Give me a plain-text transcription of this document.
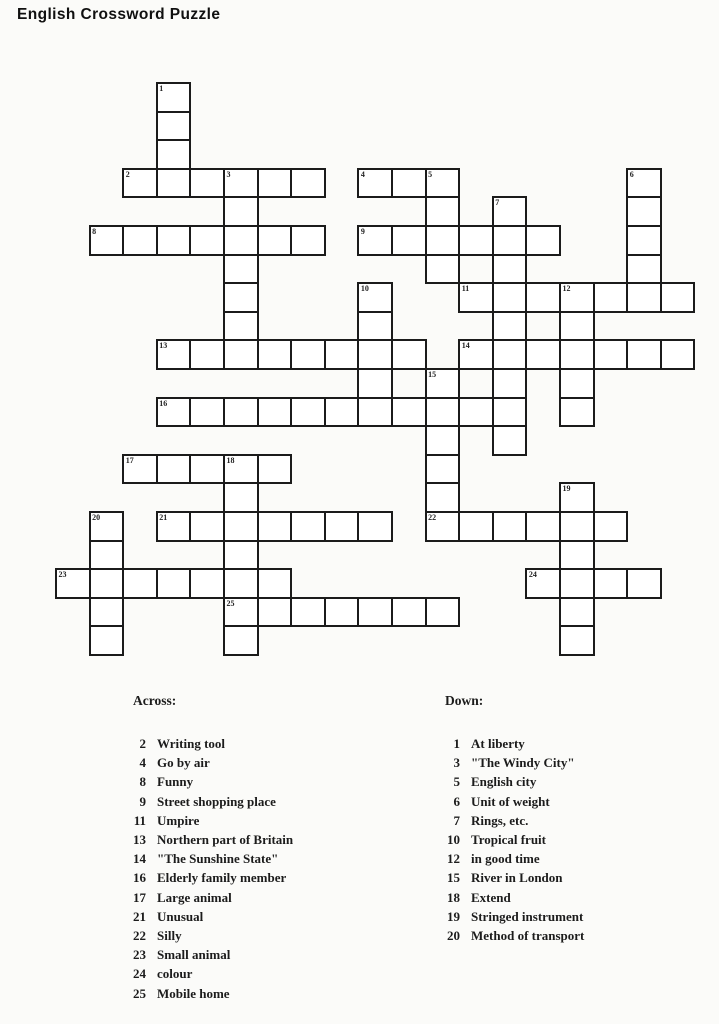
English Crossword Puzzle
1
2	3	4	5	6
7
8	9
10	11	12
13	14
15
22
16
17	18
25
19
20	21
23	24
Across:
2 Writing tool
4 Go by air
8 Funny
9 Street shopping place
11 Umpire
13 Northern part of Britain
14 "The Sunshine State"
16 Elderly family member
17 Large animal
21 Unusual
22 Silly
23 Small animal
24 colour
25 Mobile home
Down:
1 At liberty
3 "The Windy City"
5 English city
6 Unit of weight
7 Rings, etc.
10 Tropical fruit
12 in good time
15 River in London
18 Extend
19 Stringed instrument
20 Method of transport
